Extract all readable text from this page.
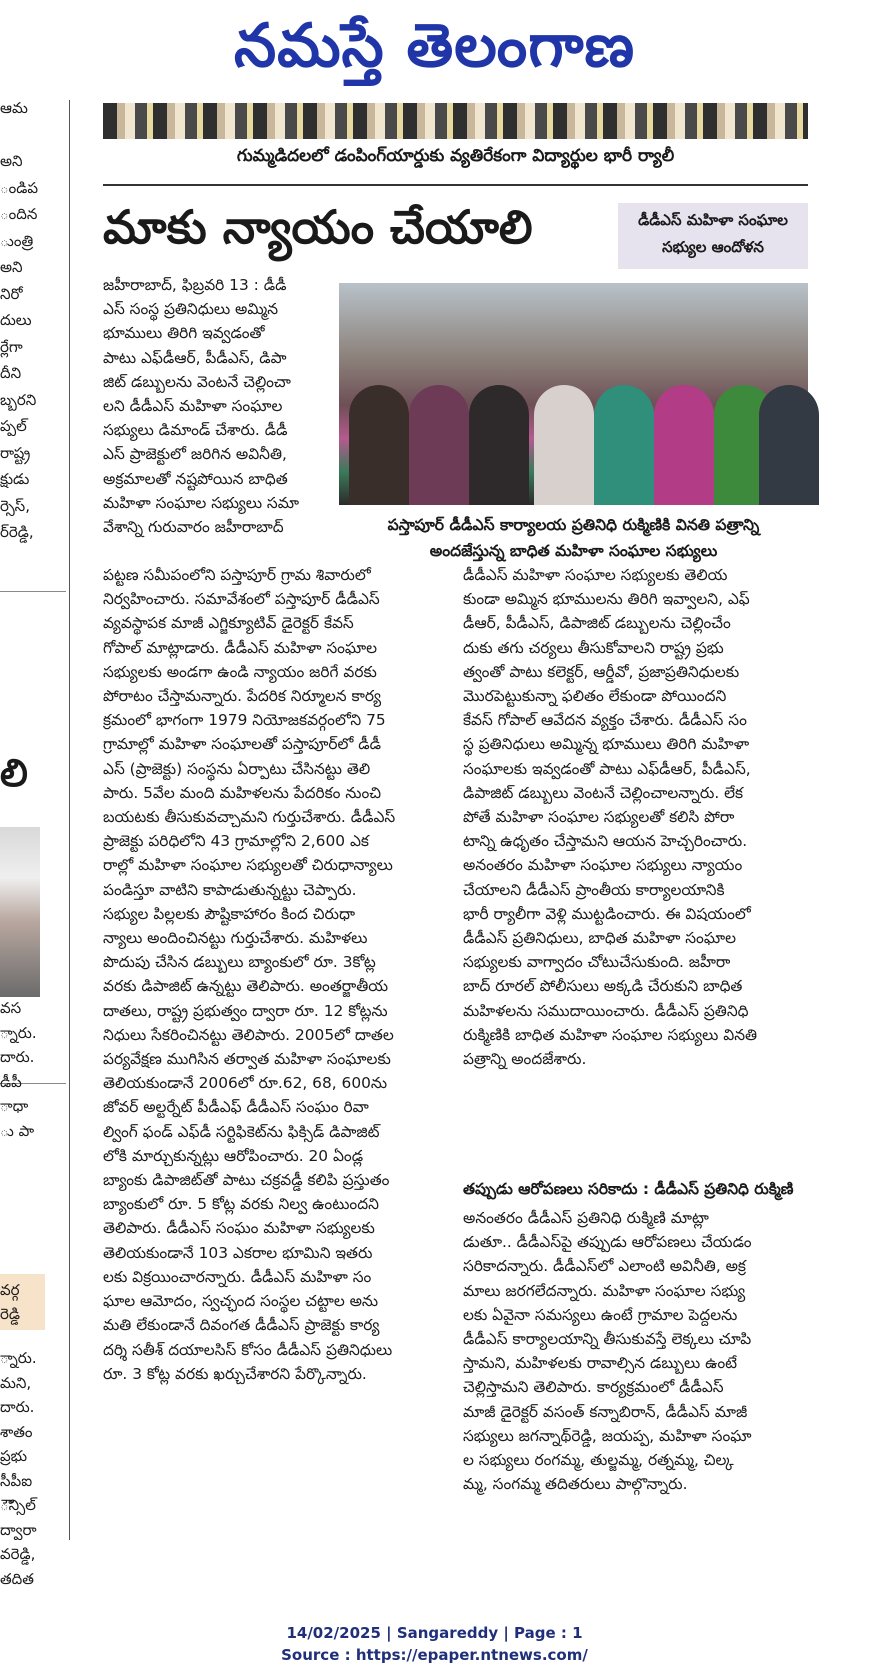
నమస్తే తెలంగాణ
లి
ఆమ
అని
ండిప
ందిన
ుంత్రి
అని
నిరో
దులు
ర్లేగా
దీని
బ్బరని
ప్పల్
రాష్ట్ర
క్షుడు
ర్సెస్,
ర్‌రెడ్డి,
వస
్నారు.
దారు.
డీపీ
ాధా
ు పా
వర్గ
రెడ్డి
్నారు.
మని,
దారు.
శాతం
ప్రభు
సీపీఐ
ౌన్సిల్
ద్వారా
వరెడ్డి,
తదిత
గుమ్మడిదలలో డంపింగ్‌యార్డుకు వ్యతిరేకంగా విద్యార్థుల భారీ ర్యాలీ
మాకు న్యాయం చేయాలి	డీడీఎస్ మహిళా సంఘాల
సభ్యుల ఆందోళన
జహీరాబాద్, ఫిబ్రవరి 13 : డీడీ
ఎస్ సంస్థ ప్రతినిధులు అమ్మిన
భూములు తిరిగి ఇవ్వడంతో
పాటు ఎఫ్‌డీఆర్, పీడీఎస్, డిపా
జిట్ డబ్బులను వెంటనే చెల్లించా
లని డీడీఎస్ మహిళా సంఘాల
సభ్యులు డిమాండ్ చేశారు. డీడీ
ఎస్ ప్రాజెక్టులో జరిగిన అవినీతి,
అక్రమాలతో నష్టపోయిన బాధిత
మహిళా సంఘాల సభ్యులు సమా
వేశాన్ని గురువారం జహీరాబాద్	పస్తాపూర్ డీడీఎస్ కార్యాలయ ప్రతినిధి రుక్మిణికి వినతి పత్రాన్ని
అందజేస్తున్న బాధిత మహిళా సంఘాల సభ్యులు
పట్టణ సమీపంలోని పస్తాపూర్ గ్రామ శివారులో
నిర్వహించారు. సమావేశంలో పస్తాపూర్ డీడీఎస్
వ్యవస్థాపక మాజీ ఎగ్జిక్యూటివ్ డైరెక్టర్ కేవస్
గోపాల్ మాట్లాడారు. డీడీఎస్ మహిళా సంఘాల
సభ్యులకు అండగా ఉండి న్యాయం జరిగే వరకు
పోరాటం చేస్తామన్నారు. పేదరిక నిర్మూలన కార్య
క్రమంలో భాగంగా 1979 నియోజకవర్గంలోని 75
గ్రామాల్లో మహిళా సంఘాలతో పస్తాపూర్‌లో డీడీ
ఎస్ (ప్రాజెక్టు) సంస్థను ఏర్పాటు చేసినట్టు తెలి
పారు. 5వేల మంది మహిళలను పేదరికం నుంచి
బయటకు తీసుకువచ్చామని గుర్తుచేశారు. డీడీఎస్
ప్రాజెక్టు పరిధిలోని 43 గ్రామాల్లోని 2,600 ఎక
రాల్లో మహిళా సంఘాల సభ్యులతో చిరుధాన్యాలు
పండిస్తూ వాటిని కాపాడుతున్నట్టు చెప్పారు.
సభ్యుల పిల్లలకు పౌష్టికాహారం కింద చిరుధా
న్యాలు అందించినట్టు గుర్తుచేశారు. మహిళలు
పొదుపు చేసిన డబ్బులు బ్యాంకులో రూ. 3కోట్ల
వరకు డిపాజిట్ ఉన్నట్టు తెలిపారు. అంతర్జాతీయ
దాతలు, రాష్ట్ర ప్రభుత్వం ద్వారా రూ. 12 కోట్లను
నిధులు సేకరించినట్టు తెలిపారు. 2005లో దాతల
పర్యవేక్షణ ముగిసిన తర్వాత మహిళా సంఘాలకు
తెలియకుండానే 2006లో రూ.62, 68, 600ను
జోవర్ అల్టర్నేట్ పీడీఎఫ్ డీడీఎస్ సంఘం రివా
ల్వింగ్ ఫండ్ ఎఫ్‌డీ సర్టిఫికెట్‌ను ఫిక్సిడ్ డిపాజిట్
లోకి మార్చుకున్నట్లు ఆరోపించారు. 20 ఏండ్ల
బ్యాంకు డిపాజిట్‌తో పాటు చక్రవడ్డీ కలిపి ప్రస్తుతం
బ్యాంకులో రూ. 5 కోట్ల వరకు నిల్వ ఉంటుందని
తెలిపారు. డీడీఎస్ సంఘం మహిళా సభ్యులకు
తెలియకుండానే 103 ఎకరాల భూమిని ఇతరు
లకు విక్రయించారన్నారు. డీడీఎస్ మహిళా సం
ఘాల ఆమోదం, స్వచ్ఛంద సంస్థల చట్టాల అను
మతి లేకుండానే దివంగత డీడీఎస్ ప్రాజెక్టు కార్య
దర్శి సతీశ్ దయాలసిస్ కోసం డీడీఎస్ ప్రతినిధులు
రూ. 3 కోట్ల వరకు ఖర్చుచేశారని పేర్కొన్నారు.
డీడీఎస్ మహిళా సంఘాల సభ్యులకు తెలియ
కుండా అమ్మిన భూములను తిరిగి ఇవ్వాలని, ఎఫ్
డీఆర్, పీడీఎస్, డిపాజిట్ డబ్బులను చెల్లించేం
దుకు తగు చర్యలు తీసుకోవాలని రాష్ట్ర ప్రభు
త్వంతో పాటు కలెక్టర్, ఆర్డీవో, ప్రజాప్రతినిధులకు
మొరపెట్టుకున్నా ఫలితం లేకుండా పోయిందని
కేవస్ గోపాల్ ఆవేదన వ్యక్తం చేశారు. డీడీఎస్ సం
స్థ ప్రతినిధులు అమ్మిన్న భూములు తిరిగి మహిళా
సంఘాలకు ఇవ్వడంతో పాటు ఎఫ్‌డీఆర్, పీడీఎస్,
డిపాజిట్ డబ్బులు వెంటనే చెల్లించాలన్నారు. లేక
పోతే మహిళా సంఘాల సభ్యులతో కలిసి పోరా
టాన్ని ఉధృతం చేస్తామని ఆయన హెచ్చరించారు.
అనంతరం మహిళా సంఘాల సభ్యులు న్యాయం
చేయాలని డీడీఎస్ ప్రాంతీయ కార్యాలయానికి
భారీ ర్యాలీగా వెళ్లి ముట్టడించారు. ఈ విషయంలో
డీడీఎస్ ప్రతినిధులు, బాధిత మహిళా సంఘాల
సభ్యులకు వాగ్వాదం చోటుచేసుకుంది. జహీరా
బాద్ రూరల్ పోలీసులు అక్కడి చేరుకుని బాధిత
మహిళలను సముదాయించారు. డీడీఎస్ ప్రతినిధి
రుక్మిణికి బాధిత మహిళా సంఘాల సభ్యులు వినతి
పత్రాన్ని అందజేశారు.
తప్పుడు ఆరోపణలు సరికాదు : డీడీఎస్ ప్రతినిధి రుక్మిణి
అనంతరం డీడీఎస్ ప్రతినిధి రుక్మిణి మాట్లా
డుతూ.. డీడీఎస్‌పై తప్పుడు ఆరోపణలు చేయడం
సరికాదన్నారు. డీడీఎస్‌లో ఎలాంటి అవినీతి, అక్ర
మాలు జరగలేదన్నారు. మహిళా సంఘాల సభ్యు
లకు ఏవైనా సమస్యలు ఉంటే గ్రామాల పెద్దలను
డీడీఎస్ కార్యాలయాన్ని తీసుకువస్తే లెక్కలు చూపి
స్తామని, మహిళలకు రావాల్సిన డబ్బులు ఉంటే
చెల్లిస్తామని తెలిపారు. కార్యక్రమంలో డీడీఎస్
మాజీ డైరెక్టర్ వసంత్ కన్నాబిరాన్, డీడీఎస్ మాజీ
సభ్యులు జగన్నాథ్‌రెడ్డి, జయప్ప, మహిళా సంఘా
ల సభ్యులు రంగమ్మ, తుల్జమ్మ, రత్నమ్మ, చిల్క
మ్మ, సంగమ్మ తదితరులు పాల్గొన్నారు.
14/02/2025 | Sangareddy | Page : 1
Source : https://epaper.ntnews.com/
